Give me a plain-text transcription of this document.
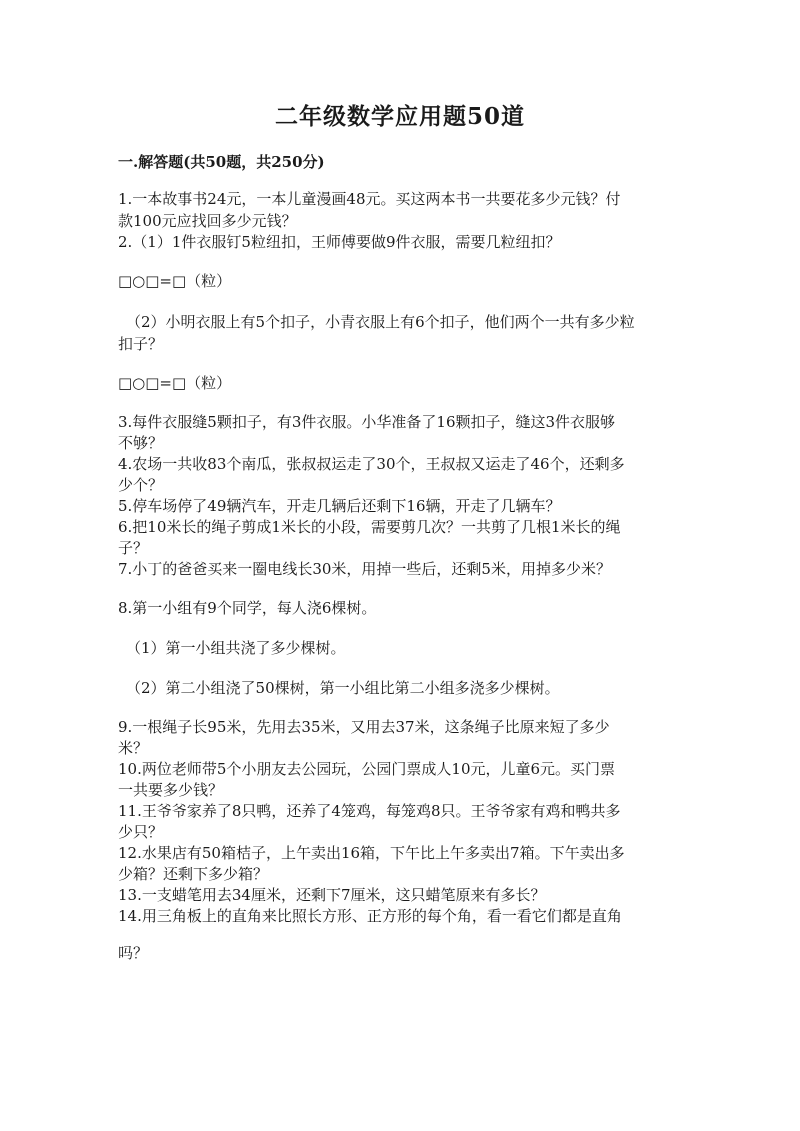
二年级数学应用题50道
一.解答题(共50题，共250分)
1.一本故事书24元，一本儿童漫画48元。买这两本书一共要花多少元钱？付
款100元应找回多少元钱？
2.（1）1件衣服钉5粒纽扣，王师傅要做9件衣服，需要几粒纽扣？
□○□=□（粒）
（2）小明衣服上有5个扣子，小青衣服上有6个扣子，他们两个一共有多少粒
扣子？
□○□=□（粒）
3.每件衣服缝5颗扣子，有3件衣服。小华准备了16颗扣子，缝这3件衣服够
不够？
4.农场一共收83个南瓜，张叔叔运走了30个，王叔叔又运走了46个，还剩多
少个？
5.停车场停了49辆汽车，开走几辆后还剩下16辆，开走了几辆车？
6.把10米长的绳子剪成1米长的小段，需要剪几次？一共剪了几根1米长的绳
子？
7.小丁的爸爸买来一圈电线长30米，用掉一些后，还剩5米，用掉多少米？
8.第一小组有9个同学，每人浇6棵树。
（1）第一小组共浇了多少棵树。
（2）第二小组浇了50棵树，第一小组比第二小组多浇多少棵树。
9.一根绳子长95米，先用去35米，又用去37米，这条绳子比原来短了多少
米？
10.两位老师带5个小朋友去公园玩，公园门票成人10元，儿童6元。买门票
一共要多少钱？
11.王爷爷家养了8只鸭，还养了4笼鸡，每笼鸡8只。王爷爷家有鸡和鸭共多
少只？
12.水果店有50箱桔子，上午卖出16箱，下午比上午多卖出7箱。下午卖出多
少箱？还剩下多少箱？
13.一支蜡笔用去34厘米，还剩下7厘米，这只蜡笔原来有多长？
14.用三角板上的直角来比照长方形、正方形的每个角，看一看它们都是直角
吗？
